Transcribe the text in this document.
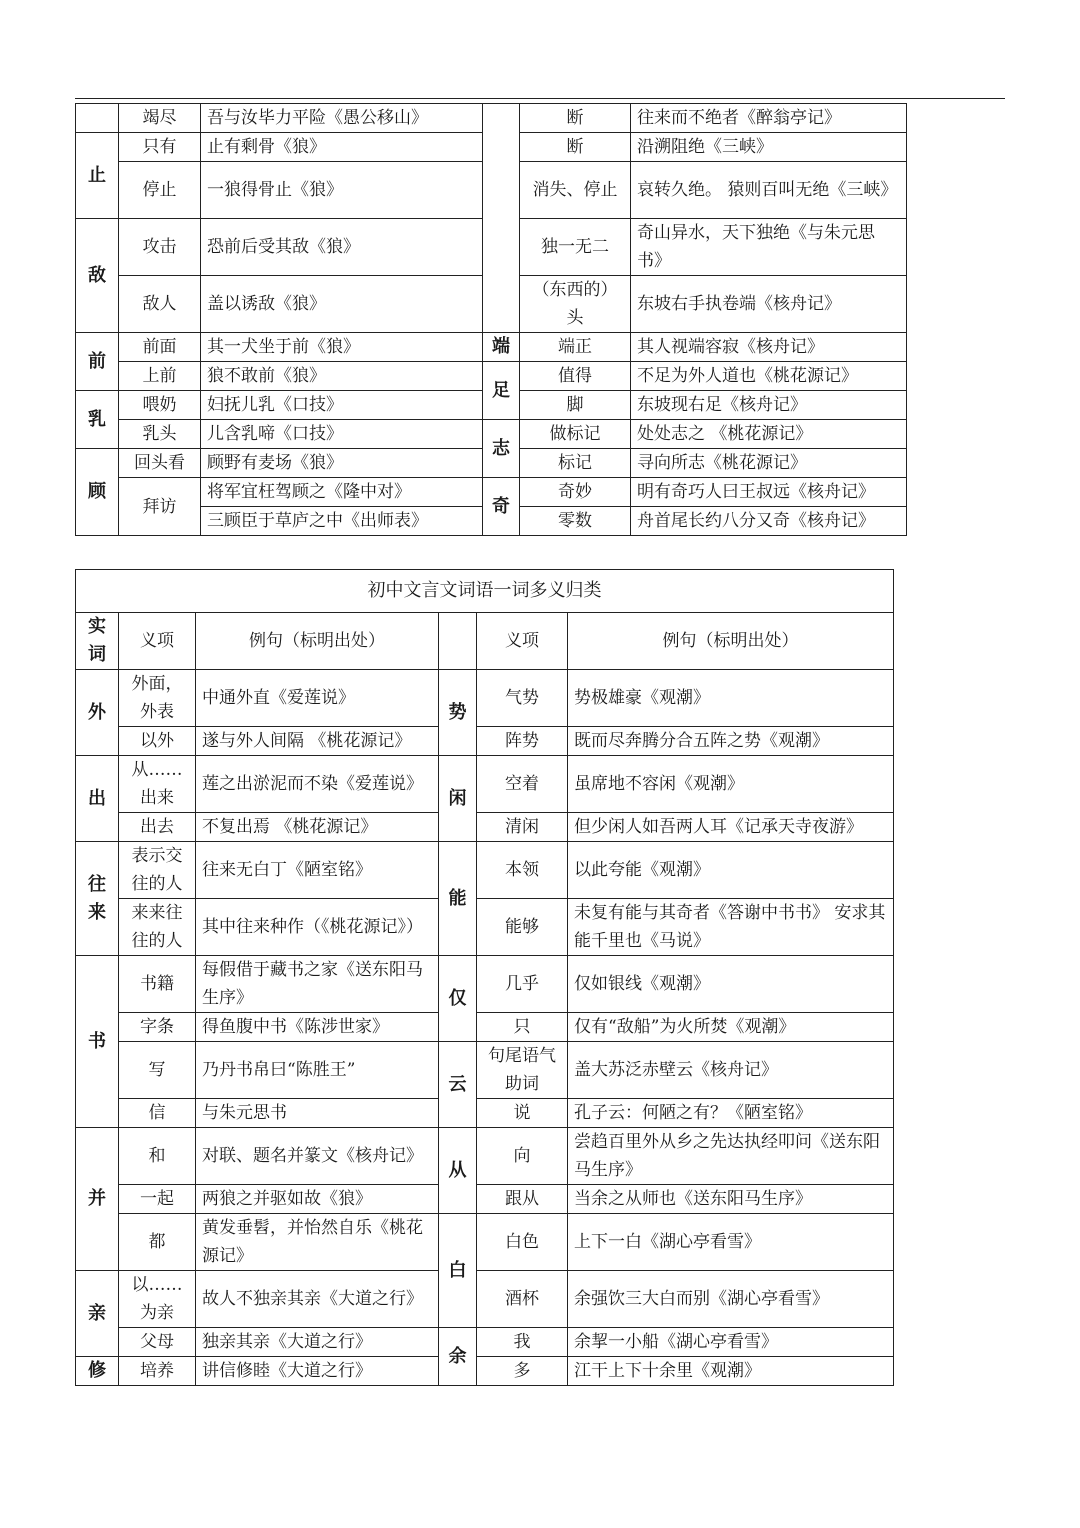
	竭尽	吾与汝毕力平险《愚公移山》		断	往来而不绝者《醉翁亭记》
止	只有	止有剩骨《狼》		断	沿溯阻绝《三峡》
	停止	一狼得骨止《狼》		消失、停止	哀转久绝。 猿则百叫无绝《三峡》
敌	攻击	恐前后受其敌《狼》		独一无二	奇山异水，天下独绝《与朱元思书》
	敌人	盖以诱敌《狼》		（东西的）头	东坡右手执卷端《核舟记》
前	前面	其一犬坐于前《狼》	端	端正	其人视端容寂《核舟记》
	上前	狼不敢前《狼》	足	值得	不足为外人道也《桃花源记》
乳	喂奶	妇抚儿乳《口技》		脚	东坡现右足《核舟记》
	乳头	儿含乳啼《口技》	志	做标记	处处志之 《桃花源记》
顾	回头看	顾野有麦场《狼》		标记	寻向所志《桃花源记》
	拜访	将军宜枉驾顾之《隆中对》	奇	奇妙	明有奇巧人曰王叔远《核舟记》
		三顾臣于草庐之中《出师表》		零数	舟首尾长约八分又奇《核舟记》
初中文言文词语一词多义归类					
实词	义项	例句（标明出处）		义项	例句（标明出处）
外	外面，外表	中通外直《爱莲说》	势	气势	势极雄豪《观潮》
	以外	遂与外人间隔 《桃花源记》		阵势	既而尽奔腾分合五阵之势《观潮》
出	从……出来	莲之出淤泥而不染《爱莲说》	闲	空着	虽席地不容闲《观潮》
	出去	不复出焉 《桃花源记》		清闲	但少闲人如吾两人耳《记承天寺夜游》
往来	表示交往的人	往来无白丁《陋室铭》	能	本领	以此夸能《观潮》
	来来往往的人	其中往来种作（《桃花源记》）		能够	未复有能与其奇者《答谢中书书》 安求其能千里也《马说》
书	书籍	每假借于藏书之家《送东阳马生序》	仅	几乎	仅如银线《观潮》
	字条	得鱼腹中书《陈涉世家》		只	仅有“敌船”为火所焚《观潮》
	写	乃丹书帛曰“陈胜王”	云	句尾语气助词	盖大苏泛赤壁云《核舟记》
	信	与朱元思书		说	孔子云：何陋之有？《陋室铭》
并	和	对联、题名并篆文《核舟记》	从	向	尝趋百里外从乡之先达执经叩问《送东阳马生序》
	一起	两狼之并驱如故《狼》		跟从	当余之从师也《送东阳马生序》
	都	黄发垂髫，并怡然自乐《桃花源记》	白	白色	上下一白《湖心亭看雪》
亲	以……为亲	故人不独亲其亲《大道之行》		酒杯	余强饮三大白而别《湖心亭看雪》
	父母	独亲其亲《大道之行》	余	我	余挈一小船《湖心亭看雪》
修	培养	讲信修睦《大道之行》		多	江干上下十余里《观潮》
